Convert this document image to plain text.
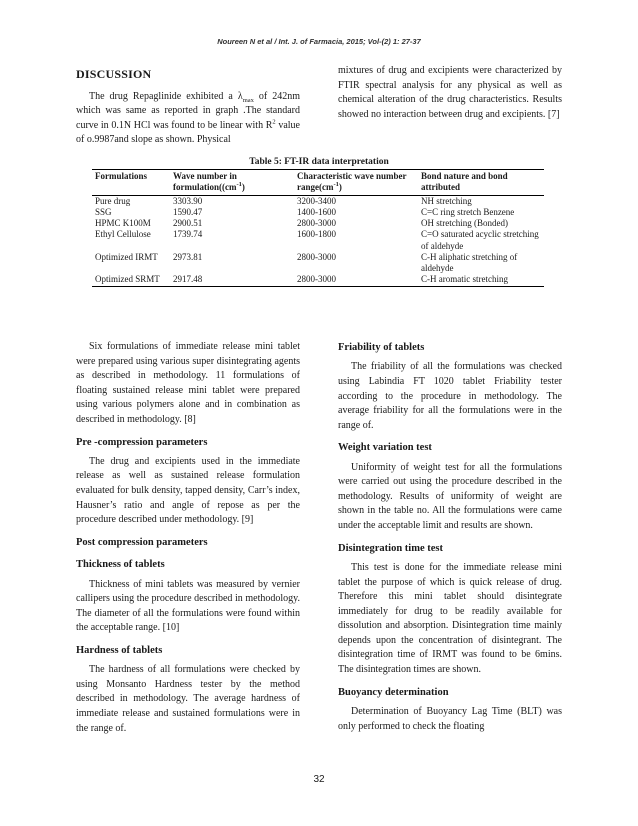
Noureen N et al / Int. J. of Farmacia, 2015; Vol-(2) 1: 27-37
DISCUSSION

The drug Repaglinide exhibited a $\lambda_{max}$ of 242nm which was same as reported in graph .The standard curve in 0.1N HCl was found to be linear with $R^2$ value of o.9987and slope as shown. Physical

mixtures of drug and excipients were characterized by FTIR spectral analysis for any physical as well as chemical alteration of the drug characteristics. Results showed no interaction between drug and excipients. [7]

Table 5: FT-IR data interpretation
Formulations	Wave number in $formulation((cm^{-1})$	Characteristic wave number $range(cm^{-1})$	Bond nature and bond attributed
Pure drug	3303.90	3200-3400	NH stretching
SSG	1590.47	1400-1600	C=C ring stretch Benzene
HPMC K100M	2900.51	2800-3000	OH stretching (Bonded)
Ethyl Cellulose	1739.74	1600-1800	C=O saturated acyclic stretching of aldehyde
Optimized IRMT	2973.81	2800-3000	C-H aliphatic stretching of aldehyde
Optimized SRMT	2917.48	2800-3000	C-H aromatic stretching

Six formulations of immediate release mini tablet were prepared using various super disintegrating agents as described in methodology. 11 formulations of floating sustained release mini tablet were prepared using various polymers alone and in combination as described in methodology. [8]

Pre -compression parameters

The drug and excipients used in the immediate release as well as sustained release formulation evaluated for bulk density, tapped density, Carr’s index, Hausner’s ratio and angle of repose as per the procedure described under methodology. [9]

Post compression parameters
Thickness of tablets

Thickness of mini tablets was measured by vernier callipers using the procedure described in methodology. The diameter of all the formulations were found within the acceptable range. [10]

Hardness of tablets

The hardness of all formulations were checked by using Monsanto Hardness tester by the method described in methodology. The average hardness of immediate release and sustained formulations were in the range of.

Friability of tablets

The friability of all the formulations was checked using Labindia FT 1020 tablet Friability tester according to the procedure in methodology. The average friability for all the formulations were in the range of.

Weight variation test

Uniformity of weight test for all the formulations were carried out using the procedure described in the methodology. Results of uniformity of weight are shown in the table no. All the formulations were came under the acceptable limit and results are shown.

Disintegration time test

This test is done for the immediate release mini tablet the purpose of which is quick release of drug. Therefore this mini tablet should disintegrate immediately for drug to be readily available for dissolution and absorption. Disintegration time mainly depends upon the concentration of disintegrant. The disintegration time of IRMT was found to be 6mins. The disintegration times are shown.

Buoyancy determination

Determination of Buoyancy Lag Time (BLT) was only performed to check the floating

32
